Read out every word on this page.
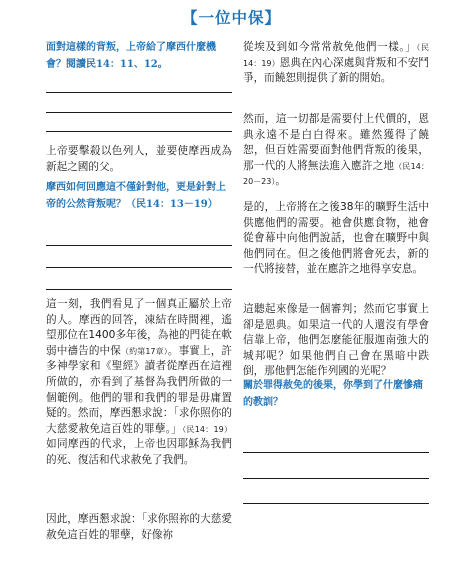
【一位中保】
面對這樣的背叛，上帝給了摩西什麼機會？閱讀民14：11、12。
上帝要擊殺以色列人，並要使摩西成為新起之國的父。
摩西如何回應這不僅針對他，更是針對上帝的公然背叛呢？（民14：13－19）
這一刻，我們看見了一個真正屬於上帝的人。摩西的回答，凍結在時間裡，遙望那位在1400多年後，為祂的門徒在軟弱中禱告的中保（約第17章）。事實上，許多神學家和《聖經》讀者從摩西在這裡所做的，亦看到了基督為我們所做的一個範例。他們的罪和我們的罪是毋庸置疑的。然而，摩西懇求說：「求你照你的大慈愛赦免這百姓的罪孽。」（民14：19）如同摩西的代求，上帝也因耶穌為我們的死、復活和代求赦免了我們。
因此，摩西懇求說：「求你照祢的大慈愛赦免這百姓的罪孽，好像祢
從埃及到如今常常赦免他們一樣。」（民14：19）恩典在內心深處與背叛和不安鬥爭，而饒恕則提供了新的開始。
然而，這一切都是需要付上代價的，恩典永遠不是白白得來。雖然獲得了饒恕，但百姓需要面對他們背叛的後果，那一代的人將無法進入應許之地（民14：20－23）。
是的，上帝將在之後38年的曠野生活中供應他們的需要。祂會供應食物，祂會從會幕中向他們說話，也會在曠野中與他們同在。但之後他們將會死去，新的一代將接替，並在應許之地得享安息。
這聽起來像是一個審判；然而它事實上卻是恩典。如果這一代的人還沒有學會信靠上帝，他們怎麼能征服迦南強大的城邦呢？如果他們自己會在黑暗中跌倒，那他們怎能作列國的光呢？
關於罪得赦免的後果，你學到了什麼慘痛的教訓？
